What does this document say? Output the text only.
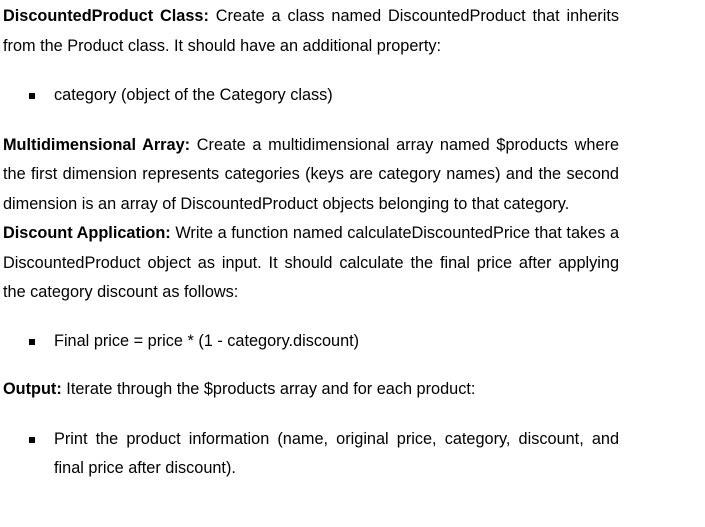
DiscountedProduct Class: Create a class named DiscountedProduct that inherits from the Product class. It should have an additional property:

category (object of the Category class)

Multidimensional Array: Create a multidimensional array named $products where the first dimension represents categories (keys are category names) and the second dimension is an array of DiscountedProduct objects belonging to that category.

Discount Application: Write a function named calculateDiscountedPrice that takes a DiscountedProduct object as input. It should calculate the final price after applying the category discount as follows:

Final price = price * (1 - category.discount)

Output: Iterate through the $products array and for each product:

Print the product information (name, original price, category, discount, and final price after discount).
